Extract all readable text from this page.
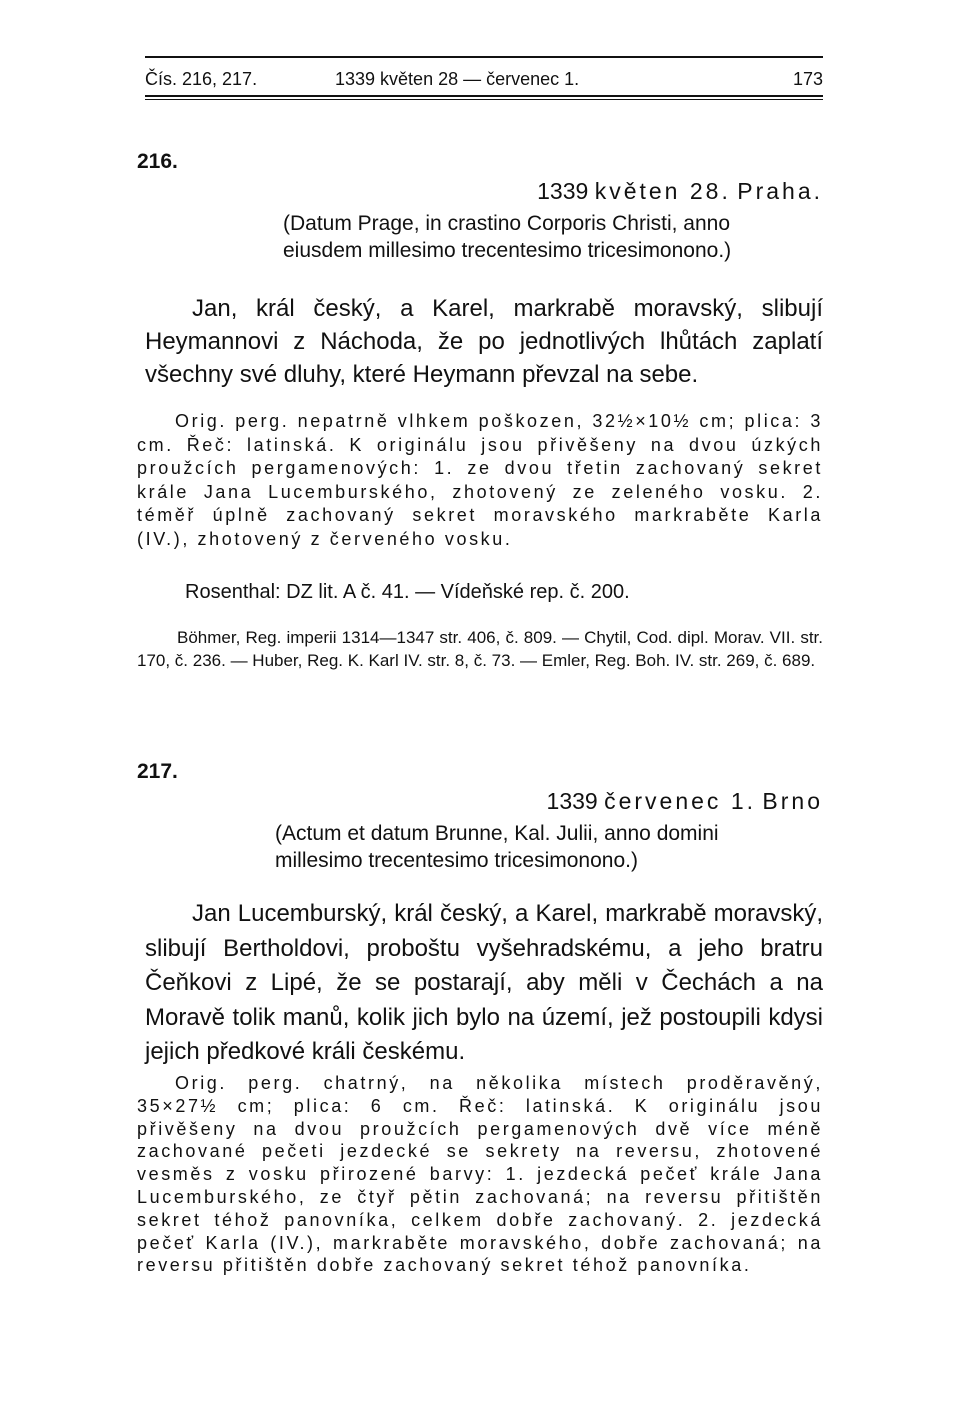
Čís. 216, 217.	1339 květen 28 — červenec 1.	173
216.
1339 květen 28. Praha.
(Datum Prage, in crastino Corporis Christi, anno
eiusdem millesimo trecentesimo tricesimonono.)

Jan, král český, a Karel, markrabě moravský, slibují Heymannovi z Náchoda, že po jednotlivých lhůtách zaplatí všechny své dluhy, které Heymann převzal na sebe.

Orig. perg. nepatrně vlhkem poškozen, 32½×10½ cm; plica: 3 cm. Řeč: latinská. K originálu jsou přivěšeny na dvou úzkých proužcích pergamenových: 1. ze dvou třetin zachovaný sekret krále Jana Lucemburského, zhotovený ze zeleného vosku. 2. téměř úplně zachovaný sekret moravského markraběte Karla (IV.), zhotovený z červeného vosku.

Rosenthal: DZ lit. A č. 41. — Vídeňské rep. č. 200.

Böhmer, Reg. imperii 1314—1347 str. 406, č. 809. — Chytil, Cod. dipl. Morav. VII. str. 170, č. 236. — Huber, Reg. K. Karl IV. str. 8, č. 73. — Emler, Reg. Boh. IV. str. 269, č. 689.

217.
1339 červenec 1. Brno
(Actum et datum Brunne, Kal. Julii, anno domini
millesimo trecentesimo tricesimonono.)

Jan Lucemburský, král český, a Karel, markrabě moravský, slibují Bertholdovi, proboštu vyšehradskému, a jeho bratru Čeňkovi z Lipé, že se postarají, aby měli v Čechách a na Moravě tolik manů, kolik jich bylo na území, jež postoupili kdysi jejich předkové králi českému.

Orig. perg. chatrný, na několika místech proděravěný, 35×27½ cm; plica: 6 cm. Řeč: latinská. K originálu jsou přivěšeny na dvou proužcích pergamenových dvě více méně zachované pečeti jezdecké se sekrety na reversu, zhotovené vesměs z vosku přirozené barvy: 1. jezdecká pečeť krále Jana Lucemburského, ze čtyř pětin zachovaná; na reversu přitištěn sekret téhož panovníka, celkem dobře zachovaný. 2. jezdecká pečeť Karla (IV.), markraběte moravského, dobře zachovaná; na reversu přitištěn dobře zachovaný sekret téhož panovníka.
